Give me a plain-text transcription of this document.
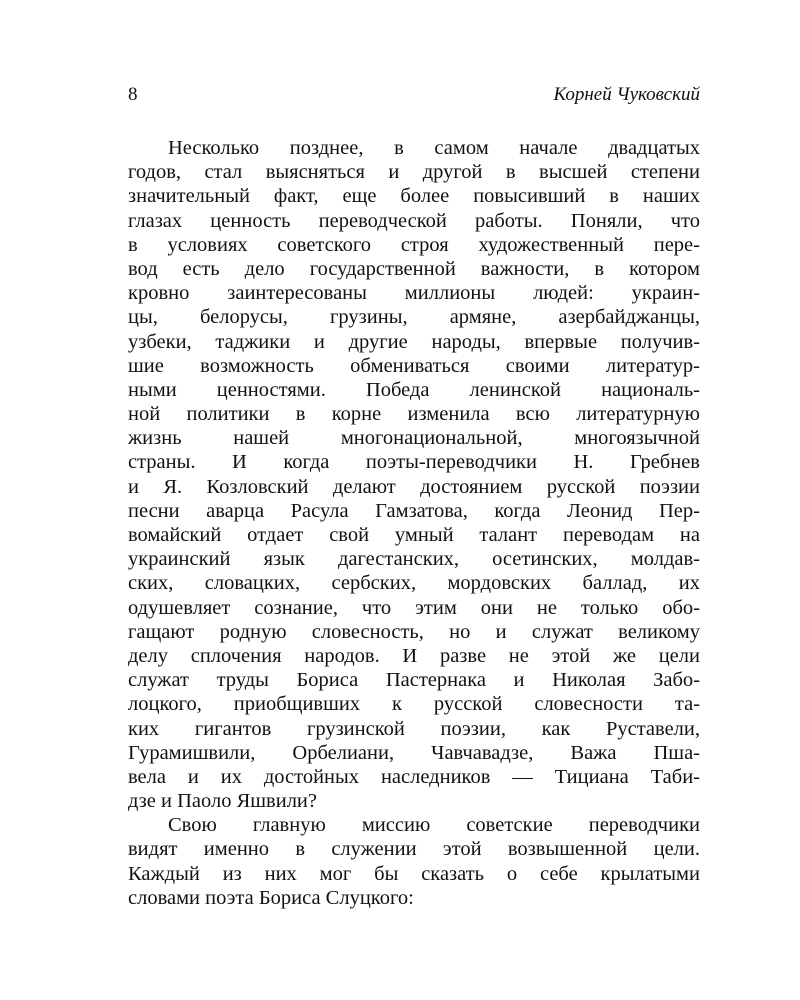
8	Корней Чуковский
Несколько позднее, в самом начале двадцатых
годов, стал выясняться и другой в высшей степени
значительный факт, еще более повысивший в наших
глазах ценность переводческой работы. Поняли, что
в условиях советского строя художественный пере-
вод есть дело государственной важности, в котором
кровно заинтересованы миллионы людей: украин-
цы, белорусы, грузины, армяне, азербайджанцы,
узбеки, таджики и другие народы, впервые получив-
шие возможность обмениваться своими литератур-
ными ценностями. Победа ленинской националь-
ной политики в корне изменила всю литературную
жизнь нашей многонациональной, многоязычной
страны. И когда поэты-переводчики Н. Гребнев
и Я. Козловский делают достоянием русской поэзии
песни аварца Расула Гамзатова, когда Леонид Пер-
вомайский отдает свой умный талант переводам на
украинский язык дагестанских, осетинских, молдав-
ских, словацких, сербских, мордовских баллад, их
одушевляет сознание, что этим они не только обо-
гащают родную словесность, но и служат великому
делу сплочения народов. И разве не этой же цели
служат труды Бориса Пастернака и Николая Забо-
лоцкого, приобщивших к русской словесности та-
ких гигантов грузинской поэзии, как Руставели,
Гурамишвили, Орбелиани, Чавчавадзе, Важа Пша-
вела и их достойных наследников — Тициана Таби-
дзе и Паоло Яшвили?
Свою главную миссию советские переводчики
видят именно в служении этой возвышенной цели.
Каждый из них мог бы сказать о себе крылатыми
словами поэта Бориса Слуцкого:
